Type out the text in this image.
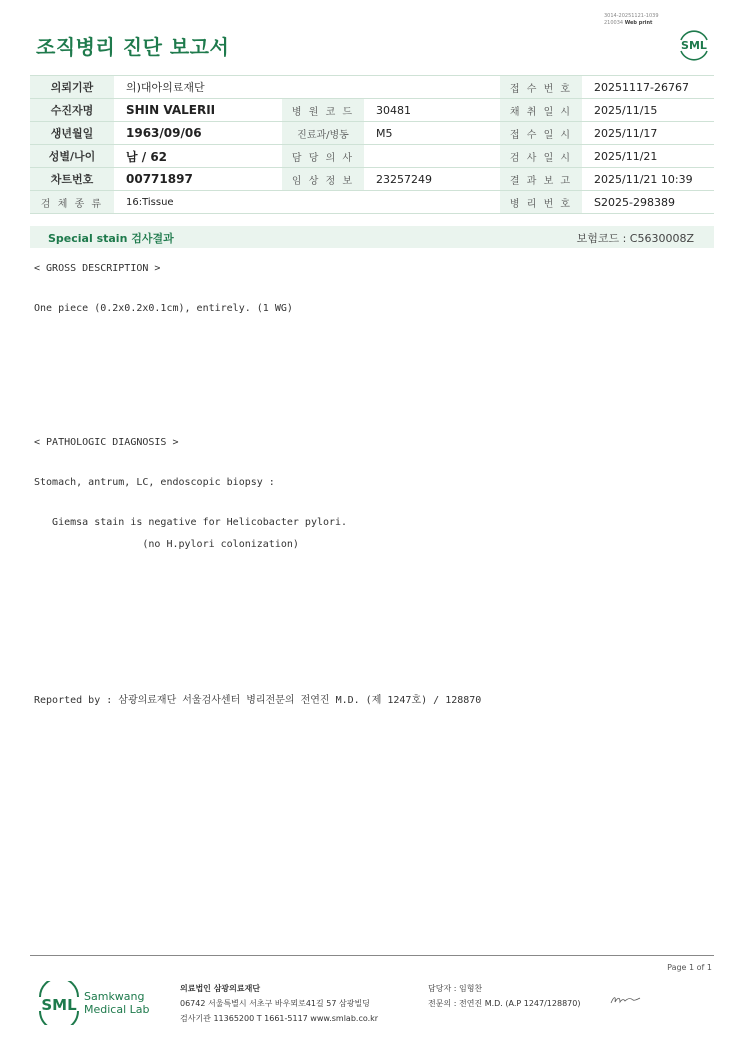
3014-20251121-1039
210034 Web print
조직병리 진단 보고서	SML
의뢰기관	의)대아의료재단			접 수 번 호	20251117-26767
수진자명	SHIN VALERII	병 원 코 드	30481	채 취 일 시	2025/11/15
생년월일	1963/09/06	진료과/병동	M5	접 수 일 시	2025/11/17
성별/나이	남 / 62	담 당 의 사		검 사 일 시	2025/11/21
차트번호	00771897	임 상 정 보	23257249	결 과 보 고	2025/11/21 10:39
검 체 종 류	16:Tissue			병 리 번 호	S2025-298389
Special stain 검사결과	보험코드 : C5630008Z
< GROSS DESCRIPTION >
One piece (0.2x0.2x0.1cm), entirely. (1 WG)
< PATHOLOGIC DIAGNOSIS >
Stomach, antrum, LC, endoscopic biopsy :
Giemsa stain is negative for Helicobacter pylori.
(no H.pylori colonization)
Reported by : 삼광의료재단 서울검사센터 병리전문의 전연진 M.D. (제 1247호) / 128870
Page 1 of 1
SML Samkwang
Medical Lab
의료법인 삼광의료재단
06742 서울특별시 서초구 바우뫼로41길 57 삼광빌딩
검사기관 11365200 T 1661-5117 www.smlab.co.kr
담당자 : 임형찬
전문의 : 전연진 M.D. (A.P 1247/128870)
